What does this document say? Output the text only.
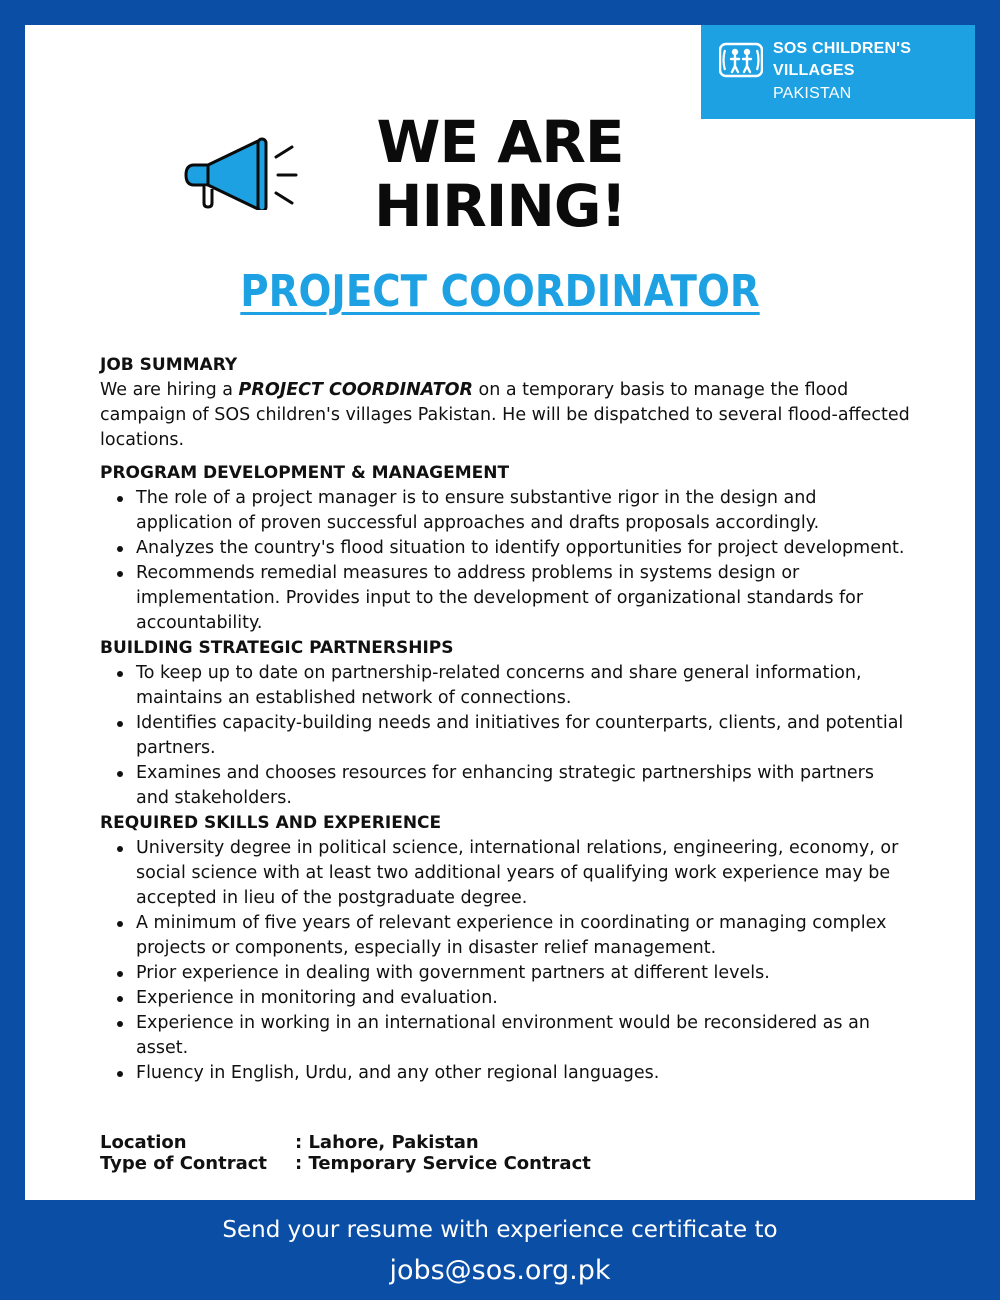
SOS CHILDREN'S
VILLAGES
PAKISTAN
WE ARE
HIRING!
PROJECT COORDINATOR
JOB SUMMARY

We are hiring a PROJECT COORDINATOR on a temporary basis to manage the flood campaign of SOS children's villages Pakistan. He will be dispatched to several flood-affected locations.

PROGRAM DEVELOPMENT & MANAGEMENT
The role of a project manager is to ensure substantive rigor in the design and application of proven successful approaches and drafts proposals accordingly.
Analyzes the country's flood situation to identify opportunities for project development.
Recommends remedial measures to address problems in systems design or implementation. Provides input to the development of organizational standards for accountability.
BUILDING STRATEGIC PARTNERSHIPS
To keep up to date on partnership-related concerns and share general information, maintains an established network of connections.
Identifies capacity-building needs and initiatives for counterparts, clients, and potential partners.
Examines and chooses resources for enhancing strategic partnerships with partners and stakeholders.
REQUIRED SKILLS AND EXPERIENCE
University degree in political science, international relations, engineering, economy, or social science with at least two additional years of qualifying work experience may be accepted in lieu of the postgraduate degree.
A minimum of five years of relevant experience in coordinating or managing complex projects or components, especially in disaster relief management.
Prior experience in dealing with government partners at different levels.
Experience in monitoring and evaluation.
Experience in working in an international environment would be reconsidered as an asset.
Fluency in English, Urdu, and any other regional languages.
Location	: Lahore, Pakistan
Type of Contract	: Temporary Service Contract
Send your resume with experience certificate to
jobs@sos.org.pk
